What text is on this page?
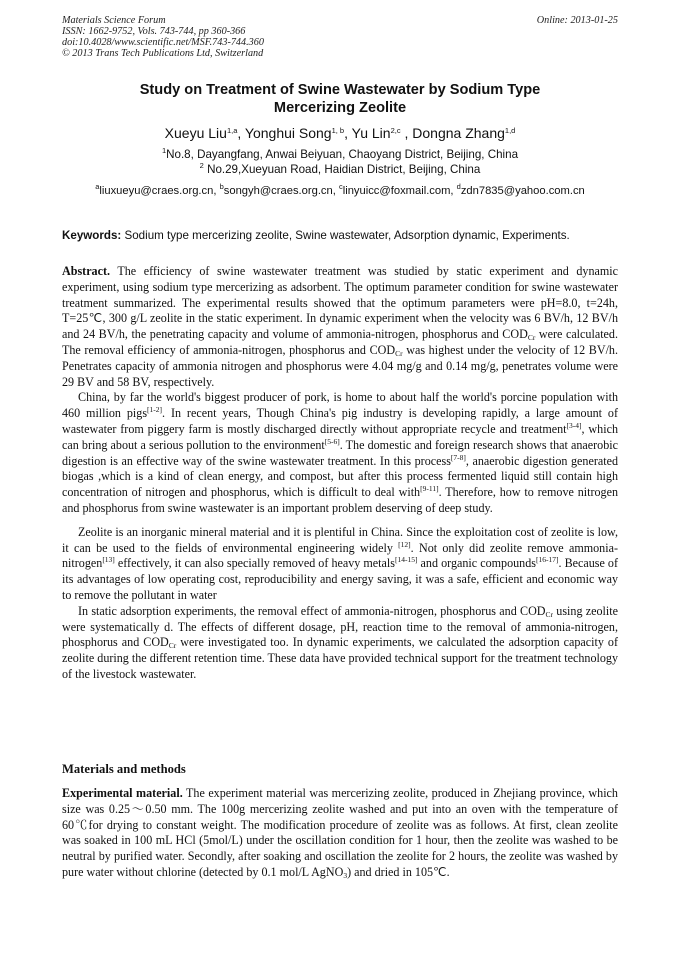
Materials Science Forum
ISSN: 1662-9752, Vols. 743-744, pp 360-366
doi:10.4028/www.scientific.net/MSF.743-744.360
© 2013 Trans Tech Publications Ltd, Switzerland
Online: 2013-01-25
Study on Treatment of Swine Wastewater by Sodium Type
Mercerizing Zeolite
Xueyu Liu$^{1,a}$, Yonghui Song$^{1, b}$, Yu Lin$^{2,c}$ , Dongna Zhang$^{1,d}$
$^1$No.8, Dayangfang, Anwai Beiyuan, Chaoyang District, Beijing, China
$^2$ No.29,Xueyuan Road, Haidian District, Beijing, China
$^a$liuxueyu@craes.org.cn, $^b$songyh@craes.org.cn, $^c$linyuicc@foxmail.com, $^d$zdn7835@yahoo.com.cn
Keywords: Sodium type mercerizing zeolite, Swine wastewater, Adsorption dynamic, Experiments.

Abstract. The efficiency of swine wastewater treatment was studied by static experiment and dynamic experiment, using sodium type mercerizing as adsorbent. The optimum parameter condition for swine wastewater treatment summarized. The experimental results showed that the optimum parameters were pH=8.0, t=24h, T=25℃, 300 g/L zeolite in the static experiment. In dynamic experiment when the velocity was 6 BV/h, 12 BV/h and 24 BV/h, the penetrating capacity and volume of ammonia-nitrogen, phosphorus and $COD_{Cr}$ were calculated. The removal efficiency of ammonia-nitrogen, phosphorus and $COD_{Cr}$ was highest under the velocity of 12 BV/h. Penetrates capacity of ammonia nitrogen and phosphorus were 4.04 mg/g and 0.14 mg/g, penetrates volume were 29 BV and 58 BV, respectively.

China, by far the world's biggest producer of pork, is home to about half the world's porcine population with 460 million pigs[1-2]. In recent years, Though China's pig industry is developing rapidly, a large amount of wastewater from piggery farm is mostly discharged directly without appropriate recycle and treatment[3-4], which can bring about a serious pollution to the environment[5-6]. The domestic and foreign research shows that anaerobic digestion is an effective way of the swine wastewater treatment. In this process[7-8], anaerobic digestion generated biogas ,which is a kind of clean energy, and compost, but after this process fermented liquid still contain high concentration of nitrogen and phosphorus, which is difficult to deal with[9-11]. Therefore, how to remove nitrogen and phosphorus from swine wastewater is an important problem deserving of deep study.

Zeolite is an inorganic mineral material and it is plentiful in China. Since the exploitation cost of zeolite is low, it can be used to the fields of environmental engineering widely [12]. Not only did zeolite remove ammonia-nitrogen[13] effectively, it can also specially removed of heavy metals[14-15] and organic compounds[16-17]. Because of its advantages of low operating cost, reproducibility and energy saving, it was a safe, efficient and economic way to remove the pollutant in water

In static adsorption experiments, the removal effect of ammonia-nitrogen, phosphorus and $COD_{Cr}$ using zeolite were systematically d. The effects of different dosage, pH, reaction time to the removal of ammonia-nitrogen, phosphorus and $COD_{Cr}$ were investigated too. In dynamic experiments, we calculated the adsorption capacity of zeolite during the different retention time. These data have provided technical support for the treatment technology of the livestock wastewater.

Materials and methods

Experimental material. The experiment material was mercerizing zeolite, produced in Zhejiang province, which size was 0.25～0.50 mm. The 100g mercerizing zeolite washed and put into an oven with the temperature of 60℃for drying to constant weight. The modification procedure of zeolite was as follows. At first, clean zeolite was soaked in 100 mL HCl (5mol/L) under the oscillation condition for 1 hour, then the zeolite was washed to be neutral by purified water. Secondly, after soaking and oscillation the zeolite for 2 hours, the zeolite was washed by pure water without chlorine (detected by 0.1 mol/L AgNO$_3$) and dried in 105℃.
